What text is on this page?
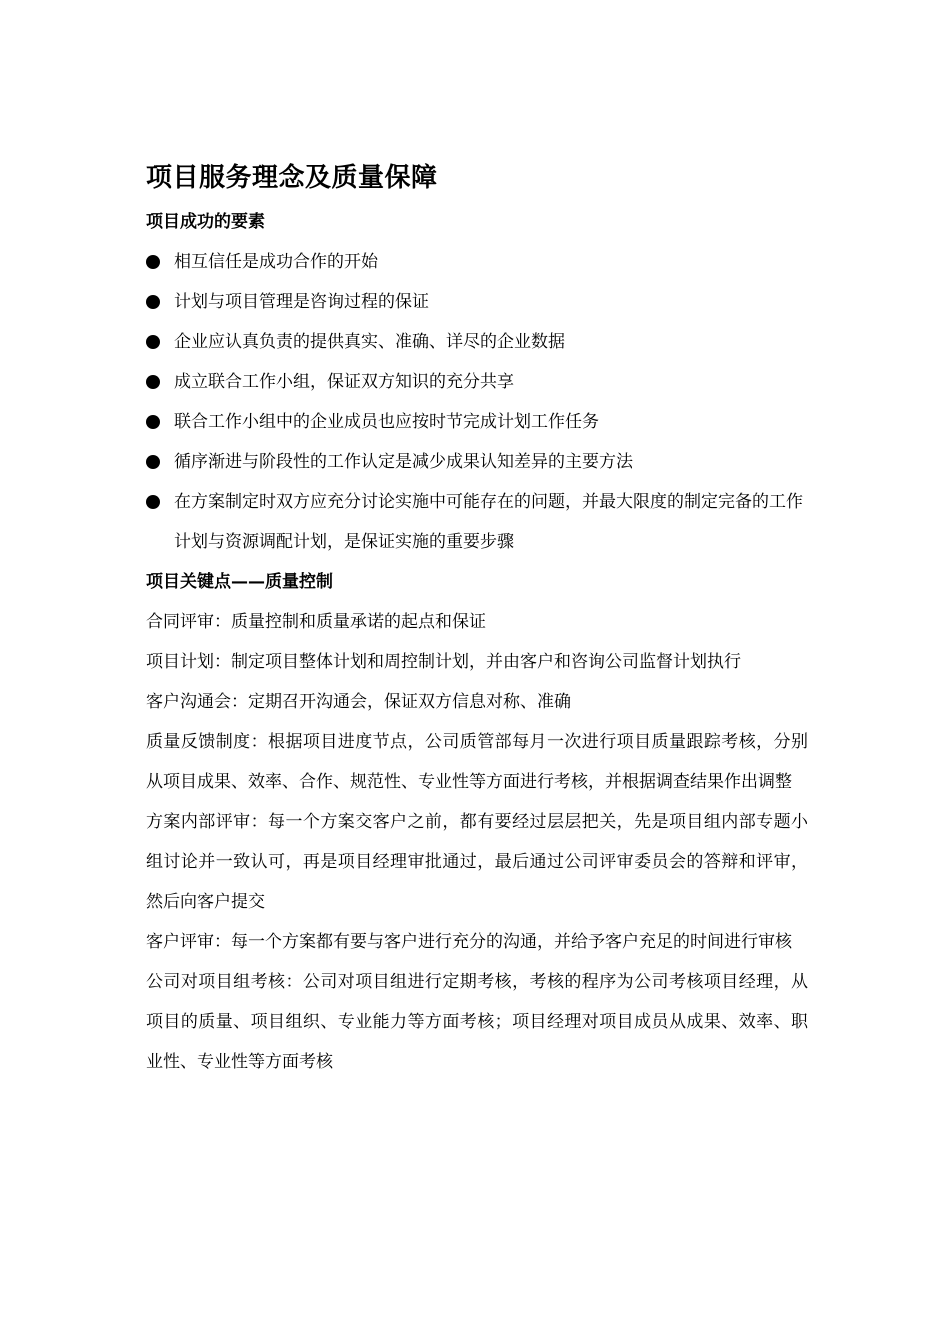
项目服务理念及质量保障
项目成功的要素
相互信任是成功合作的开始
计划与项目管理是咨询过程的保证
企业应认真负责的提供真实、准确、详尽的企业数据
成立联合工作小组，保证双方知识的充分共享
联合工作小组中的企业成员也应按时节完成计划工作任务
循序渐进与阶段性的工作认定是减少成果认知差异的主要方法
在方案制定时双方应充分讨论实施中可能存在的问题，并最大限度的制定完备的工作计划与资源调配计划，是保证实施的重要步骤
项目关键点——质量控制

合同评审：质量控制和质量承诺的起点和保证

项目计划：制定项目整体计划和周控制计划，并由客户和咨询公司监督计划执行

客户沟通会：定期召开沟通会，保证双方信息对称、准确

质量反馈制度：根据项目进度节点，公司质管部每月一次进行项目质量跟踪考核，分别从项目成果、效率、合作、规范性、专业性等方面进行考核，并根据调查结果作出调整

方案内部评审：每一个方案交客户之前，都有要经过层层把关，先是项目组内部专题小组讨论并一致认可，再是项目经理审批通过，最后通过公司评审委员会的答辩和评审，然后向客户提交

客户评审：每一个方案都有要与客户进行充分的沟通，并给予客户充足的时间进行审核

公司对项目组考核：公司对项目组进行定期考核，考核的程序为公司考核项目经理，从项目的质量、项目组织、专业能力等方面考核；项目经理对项目成员从成果、效率、职业性、专业性等方面考核
